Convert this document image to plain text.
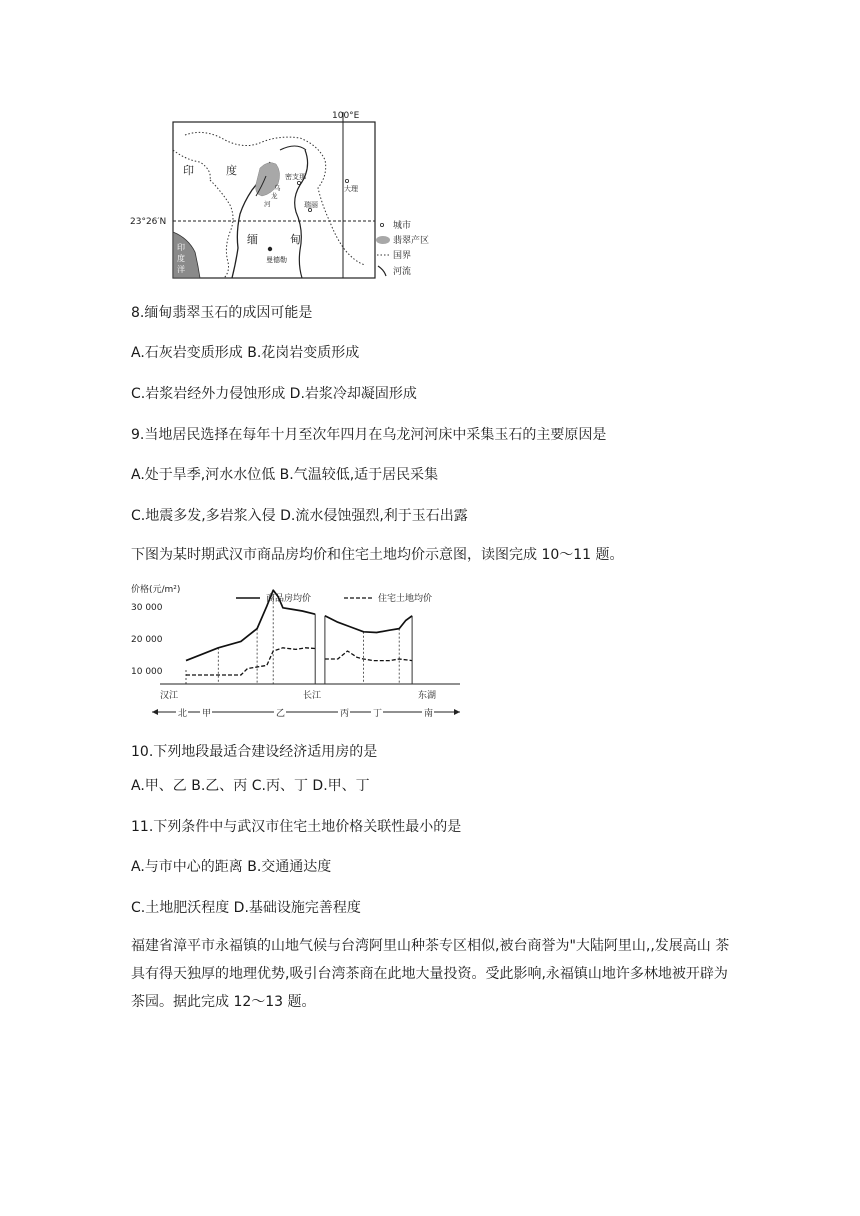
100°E
23°26′N
印
度
洋
印	度
缅	甸
乌
龙
河
密支那
大理
瑞丽
曼德勒
城市
翡翠产区
国界
河流
8.缅甸翡翠玉石的成因可能是
A.石灰岩变质形成 B.花岗岩变质形成
C.岩浆岩经外力侵蚀形成 D.岩浆冷却凝固形成
9.当地居民选择在每年十月至次年四月在乌龙河河床中采集玉石的主要原因是
A.处于旱季,河水水位低 B.气温较低,适于居民采集
C.地震多发,多岩浆入侵 D.流水侵蚀强烈,利于玉石出露
下图为某时期武汉市商品房均价和住宅土地均价示意图，读图完成 10～11 题。
价格(元/m²)
商品房均价	住宅土地均价
30 000
20 000
10 000
汉江	长江	东湖
北 甲	乙	丙	丁	南
10.下列地段最适合建设经济适用房的是
A.甲、乙 B.乙、丙 C.丙、丁 D.甲、丁
11.下列条件中与武汉市住宅土地价格关联性最小的是
A.与市中心的距离 B.交通通达度
C.土地肥沃程度 D.基础设施完善程度
福建省漳平市永福镇的山地气候与台湾阿里山种茶专区相似,被台商誉为"大陆阿里山,,发展高山 茶具有得天独厚的地理优势,吸引台湾茶商在此地大量投资。受此影响,永福镇山地许多林地被开辟为茶园。据此完成 12～13 题。
